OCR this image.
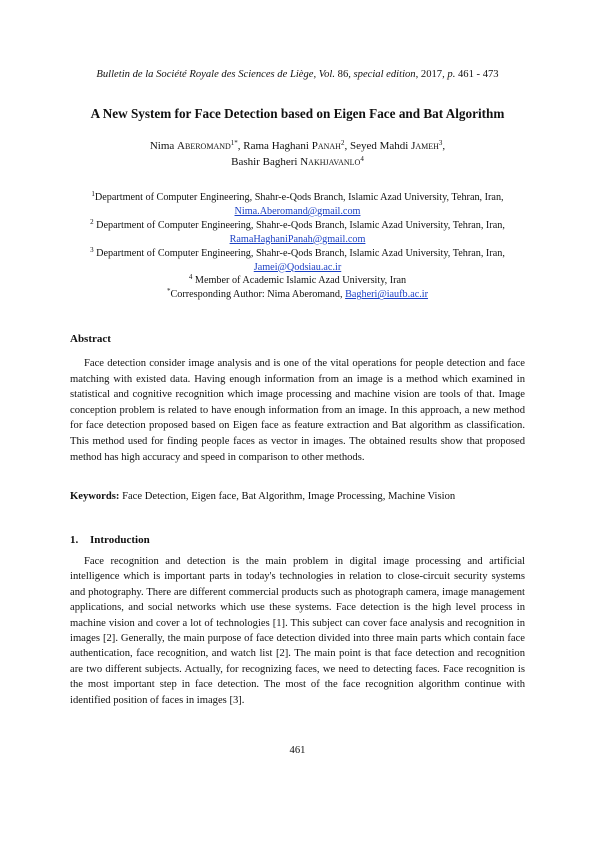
Bulletin de la Société Royale des Sciences de Liège, Vol. 86, special edition, 2017, p. 461 - 473
A New System for Face Detection based on Eigen Face and Bat Algorithm
Nima Aberomand$^{1*}$, Rama Haghani Panah$^2$, Seyed Mahdi Jameh$^3$,
Bashir Bagheri Nakhjavanlo$^4$
$^1$Department of Computer Engineering, Shahr-e-Qods Branch, Islamic Azad University, Tehran, Iran,
Nima.Aberomand@gmail.com
$^2$ Department of Computer Engineering, Shahr-e-Qods Branch, Islamic Azad University, Tehran, Iran,
RamaHaghaniPanah@gmail.com
$^3$ Department of Computer Engineering, Shahr-e-Qods Branch, Islamic Azad University, Tehran, Iran,
Jamei@Qodsiau.ac.ir
$^4$ Member of Academic Islamic Azad University, Iran
*Corresponding Author: Nima Aberomand, Bagheri@iaufb.ac.ir
Abstract

Face detection consider image analysis and is one of the vital operations for people detection and face matching with existed data. Having enough information from an image is a method which examined in statistical and cognitive recognition which image processing and machine vision are tools of that. Image conception problem is related to have enough information from an image. In this approach, a new method for face detection proposed based on Eigen face as feature extraction and Bat algorithm as classification. This method used for finding people faces as vector in images. The obtained results show that proposed method has high accuracy and speed in comparison to other methods.

Keywords: Face Detection, Eigen face, Bat Algorithm, Image Processing, Machine Vision

1. Introduction

Face recognition and detection is the main problem in digital image processing and artificial intelligence which is important parts in today's technologies in relation to close-circuit security systems and photography. There are different commercial products such as photograph camera, image management applications, and social networks which use these systems. Face detection is the high level process in machine vision and cover a lot of technologies [1]. This subject can cover face analysis and recognition in images [2]. Generally, the main purpose of face detection divided into three main parts which contain face authentication, face recognition, and watch list [2]. The main point is that face detection and recognition are two different subjects. Actually, for recognizing faces, we need to detecting faces. Face recognition is the most important step in face detection. The most of the face recognition algorithm continue with identified position of faces in images [3].

461
